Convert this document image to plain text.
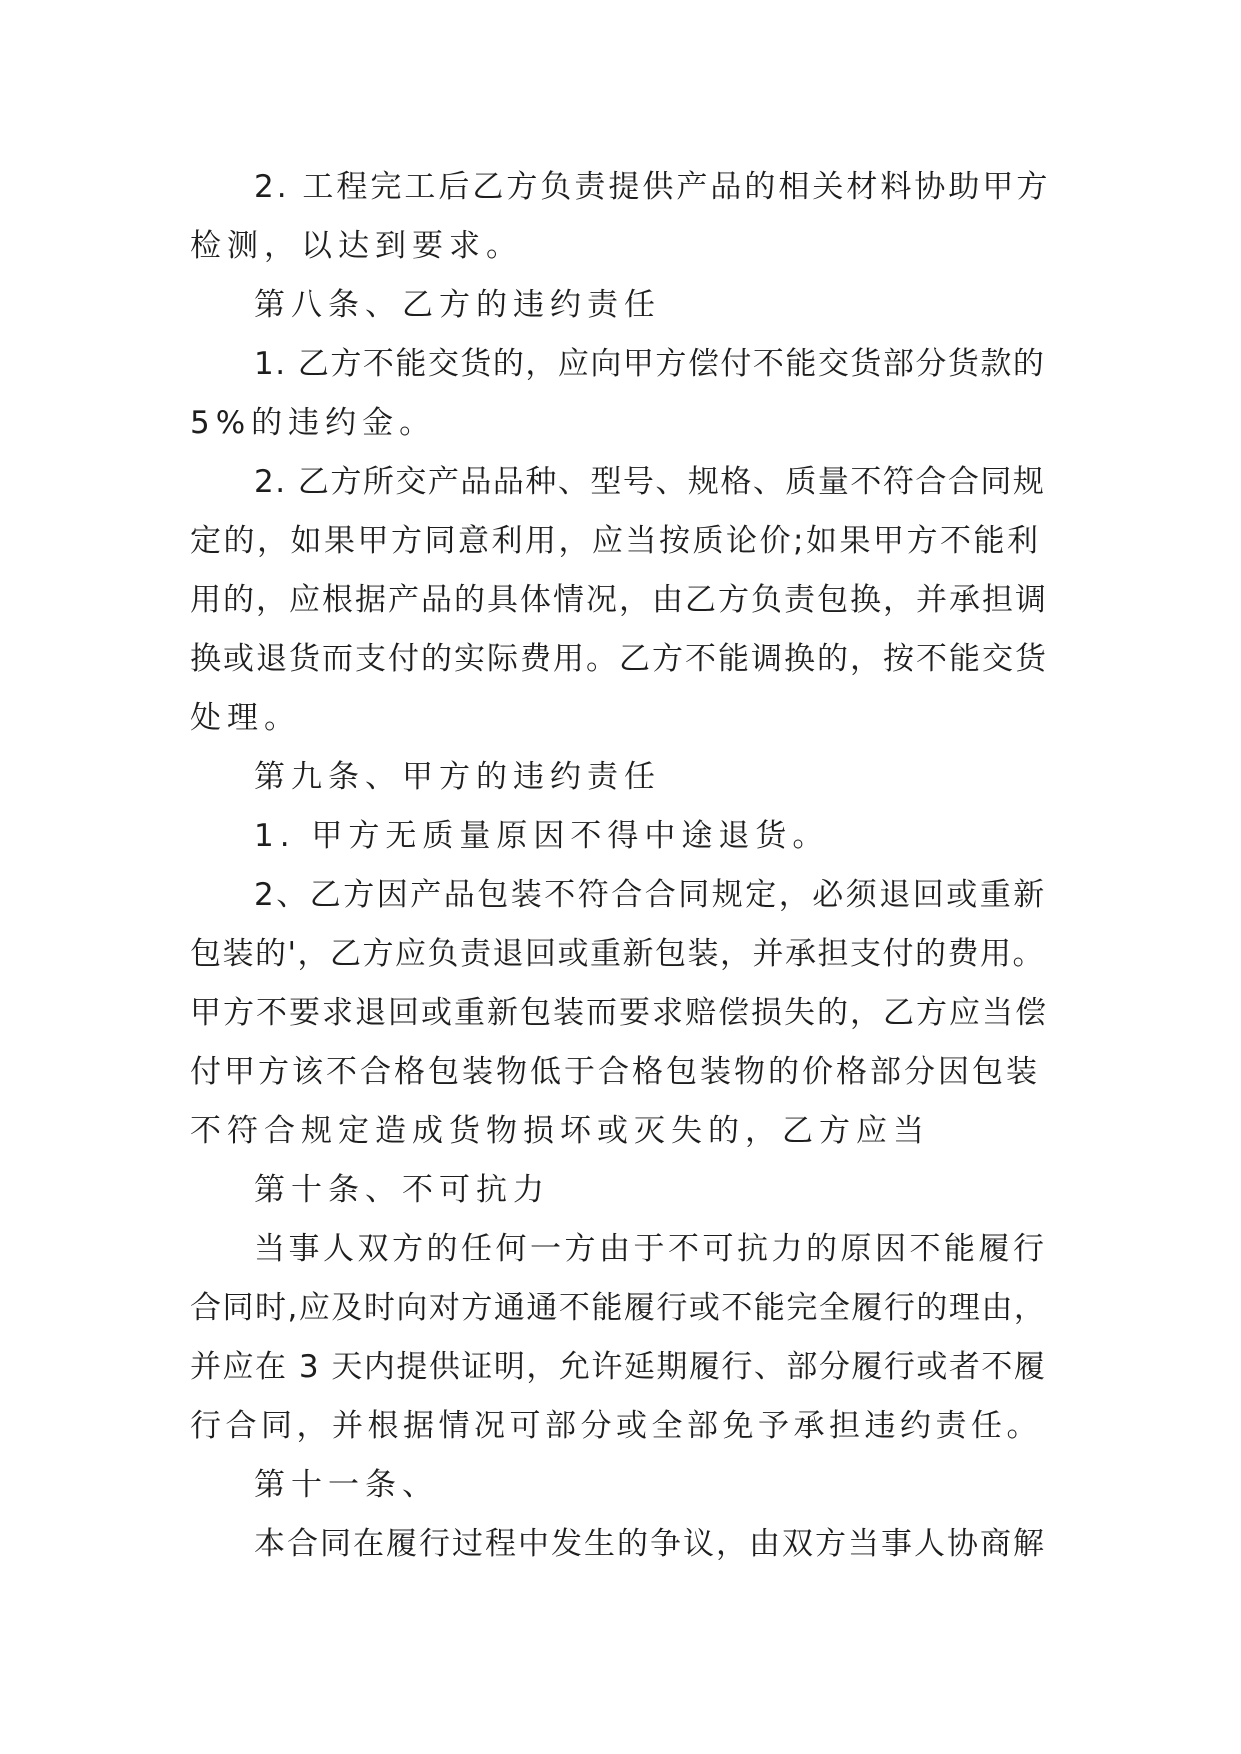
2. 工程完工后乙方负责提供产品的相关材料协助甲方
检测，以达到要求。
第八条、乙方的违约责任
1. 乙方不能交货的，应向甲方偿付不能交货部分货款的
5%的违约金。
2. 乙方所交产品品种、型号、规格、质量不符合合同规
定的，如果甲方同意利用，应当按质论价;如果甲方不能利
用的，应根据产品的具体情况，由乙方负责包换，并承担调
换或退货而支付的实际费用。乙方不能调换的，按不能交货
处理。
第九条、甲方的违约责任
1. 甲方无质量原因不得中途退货。
2、乙方因产品包装不符合合同规定，必须退回或重新
包装的'，乙方应负责退回或重新包装，并承担支付的费用。
甲方不要求退回或重新包装而要求赔偿损失的，乙方应当偿
付甲方该不合格包装物低于合格包装物的价格部分因包装
不符合规定造成货物损坏或灭失的，乙方应当
第十条、不可抗力
当事人双方的任何一方由于不可抗力的原因不能履行
合同时,应及时向对方通通不能履行或不能完全履行的理由，
并应在 3 天内提供证明，允许延期履行、部分履行或者不履
行合同，并根据情况可部分或全部免予承担违约责任。
第十一条、
本合同在履行过程中发生的争议，由双方当事人协商解
